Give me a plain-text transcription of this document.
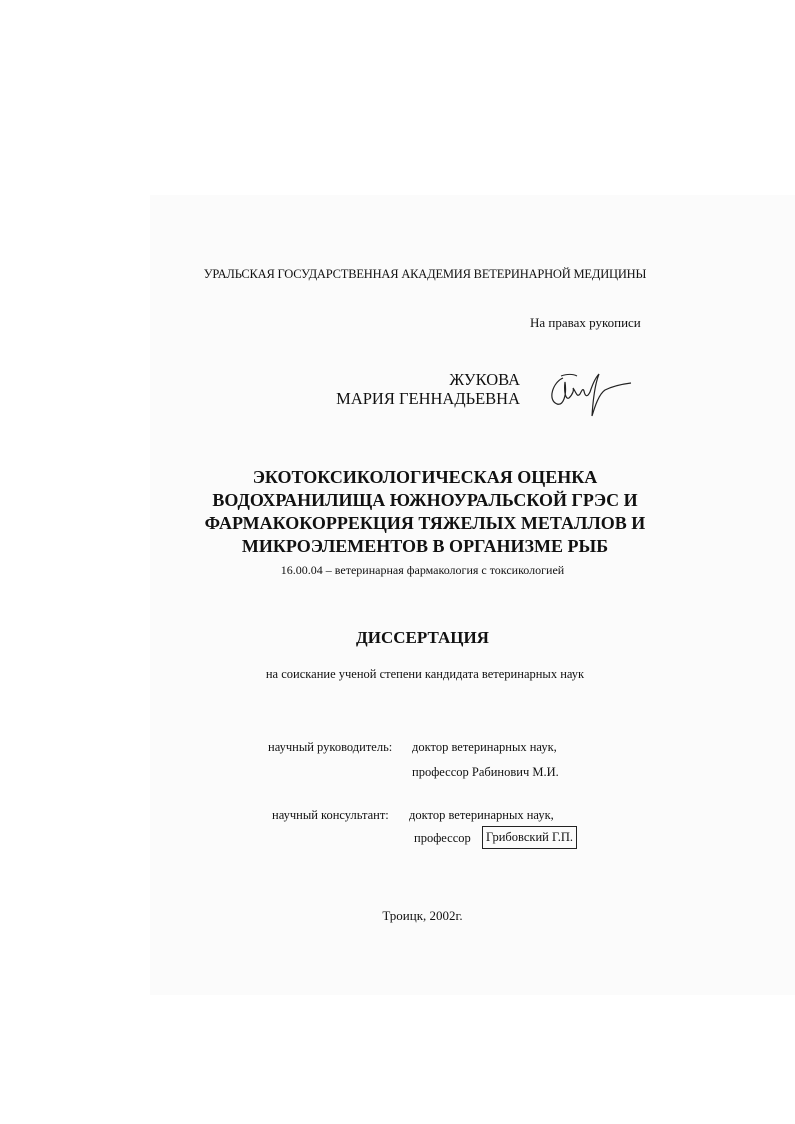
УРАЛЬСКАЯ ГОСУДАРСТВЕННАЯ АКАДЕМИЯ ВЕТЕРИНАРНОЙ МЕДИЦИНЫ
На правах рукописи
ЖУКОВА
МАРИЯ ГЕННАДЬЕВНА
ЭКОТОКСИКОЛОГИЧЕСКАЯ ОЦЕНКА
ВОДОХРАНИЛИЩА ЮЖНОУРАЛЬСКОЙ ГРЭС И
ФАРМАКОКОРРЕКЦИЯ ТЯЖЕЛЫХ МЕТАЛЛОВ И
МИКРОЭЛЕМЕНТОВ В ОРГАНИЗМЕ РЫБ
16.00.04 – ветеринарная фармакология с токсикологией
ДИССЕРТАЦИЯ
на соискание ученой степени кандидата ветеринарных наук
научный руководитель: доктор ветеринарных наук,
профессор Рабинович М.И.
научный консультант: доктор ветеринарных наук,
профессор	Грибовский Г.П.
Троицк, 2002г.
